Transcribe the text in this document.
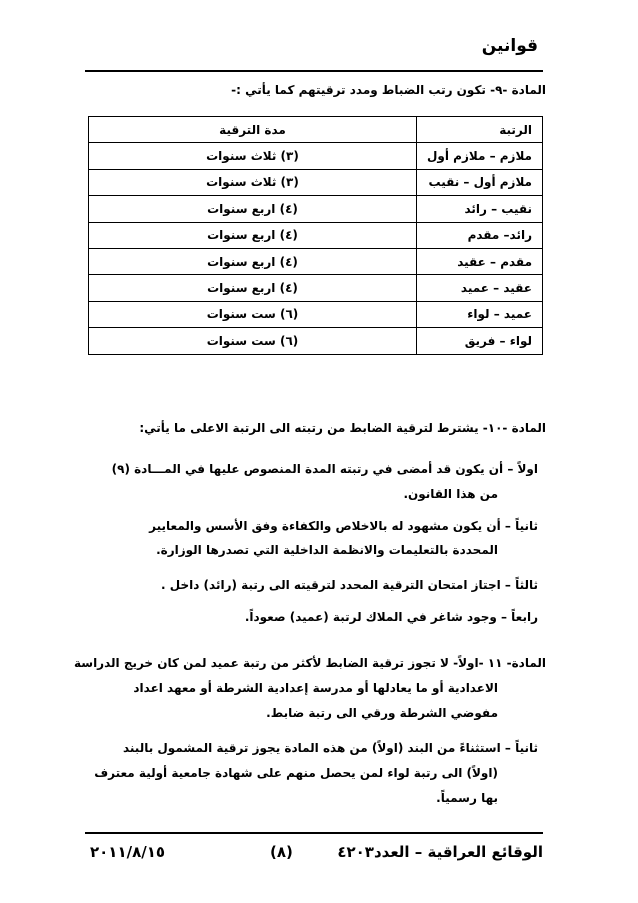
قوانين
المادة -٩- تكون رتب الضباط ومدد ترقيتهم كما يأتي :-
الرتبة	مدة الترقية
ملازم – ملازم أول	(٣) ثلاث سنوات
ملازم أول – نقيب	(٣) ثلاث سنوات
نقيب – رائد	(٤) اربع سنوات
رائد– مقدم	(٤) اربع سنوات
مقدم – عقيد	(٤) اربع سنوات
عقيد – عميد	(٤) اربع سنوات
عميد – لواء	(٦) ست سنوات
لواء – فريق	(٦) ست سنوات
المادة -١٠- يشترط لترقية الضابط من رتبته الى الرتبة الاعلى ما يأتي:
اولاً – أن يكون قد أمضى في رتبته المدة المنصوص عليها في المـــادة (٩)
من هذا القانون.
ثانياً – أن يكون مشهود له بالاخلاص والكفاءة وفق الأسس والمعايير
المحددة بالتعليمات والانظمة الداخلية التي تصدرها الوزارة.
ثالثاً – اجتاز امتحان الترقية المحدد لترقيته الى رتبة (رائد) داخل .
رابعاً – وجود شاغر في الملاك لرتبة (عميد) صعوداً.
المادة- ١١ -اولاً- لا تجوز ترقية الضابط لأكثر من رتبة عميد لمن كان خريج الدراسة
الاعدادية أو ما يعادلها أو مدرسة إعدادية الشرطة أو معهد اعداد
مفوضي الشرطة ورقي الى رتبة ضابط.
ثانياً – استثناءً من البند (اولاً) من هذه المادة يجوز ترقية المشمول بالبند
(اولاً) الى رتبة لواء لمن يحصل منهم على شهادة جامعية أولية معترف
بها رسمياً.
الوقائع العراقية – العدد٤٢٠٣
(٨)
٢٠١١/٨/١٥
